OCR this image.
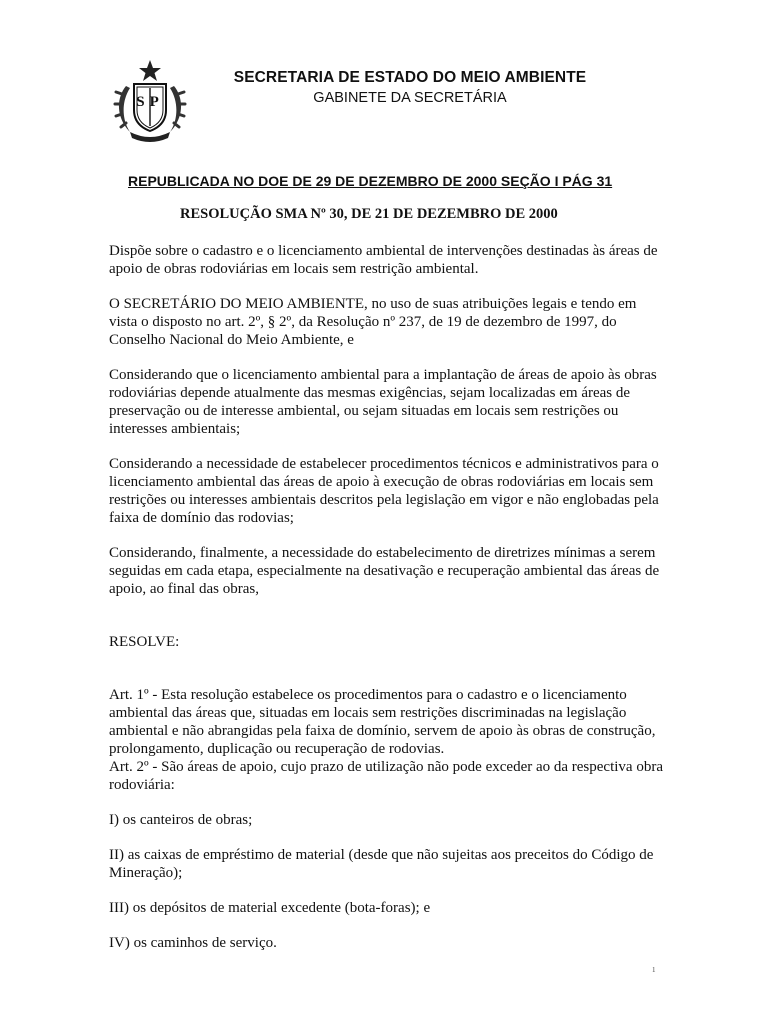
SP
SECRETARIA DE ESTADO DO MEIO AMBIENTE
GABINETE DA SECRETÁRIA
REPUBLICADA NO DOE DE 29 DE DEZEMBRO DE 2000 SEÇÃO I PÁG 31
RESOLUÇÃO SMA Nº 30, DE 21 DE DEZEMBRO DE 2000

Dispõe sobre o cadastro e o licenciamento ambiental de intervenções destinadas às áreas de apoio de obras rodoviárias em locais sem restrição ambiental.

O SECRETÁRIO DO MEIO AMBIENTE, no uso de suas atribuições legais e tendo em vista o disposto no art. 2º, § 2º, da Resolução nº 237, de 19 de dezembro de 1997, do Conselho Nacional do Meio Ambiente, e

Considerando que o licenciamento ambiental para a implantação de áreas de apoio às obras rodoviárias depende atualmente das mesmas exigências, sejam localizadas em áreas de preservação ou de interesse ambiental, ou sejam situadas em locais sem restrições ou interesses ambientais;

Considerando a necessidade de estabelecer procedimentos técnicos e administrativos para o licenciamento ambiental das áreas de apoio à execução de obras rodoviárias em locais sem restrições ou interesses ambientais descritos pela legislação em vigor e não englobadas pela faixa de domínio das rodovias;

Considerando, finalmente, a necessidade do estabelecimento de diretrizes mínimas a serem seguidas em cada etapa, especialmente na desativação e recuperação ambiental das áreas de apoio, ao final das obras,

RESOLVE:

Art. 1º - Esta resolução estabelece os procedimentos para o cadastro e o licenciamento ambiental das áreas que, situadas em locais sem restrições discriminadas na legislação ambiental e não abrangidas pela faixa de domínio, servem de apoio às obras de construção, prolongamento, duplicação ou recuperação de rodovias.

Art. 2º - São áreas de apoio, cujo prazo de utilização não pode exceder ao da respectiva obra rodoviária:

I) os canteiros de obras;

II) as caixas de empréstimo de material (desde que não sujeitas aos preceitos do Código de Mineração);

III) os depósitos de material excedente (bota-foras); e

IV) os caminhos de serviço.

1
